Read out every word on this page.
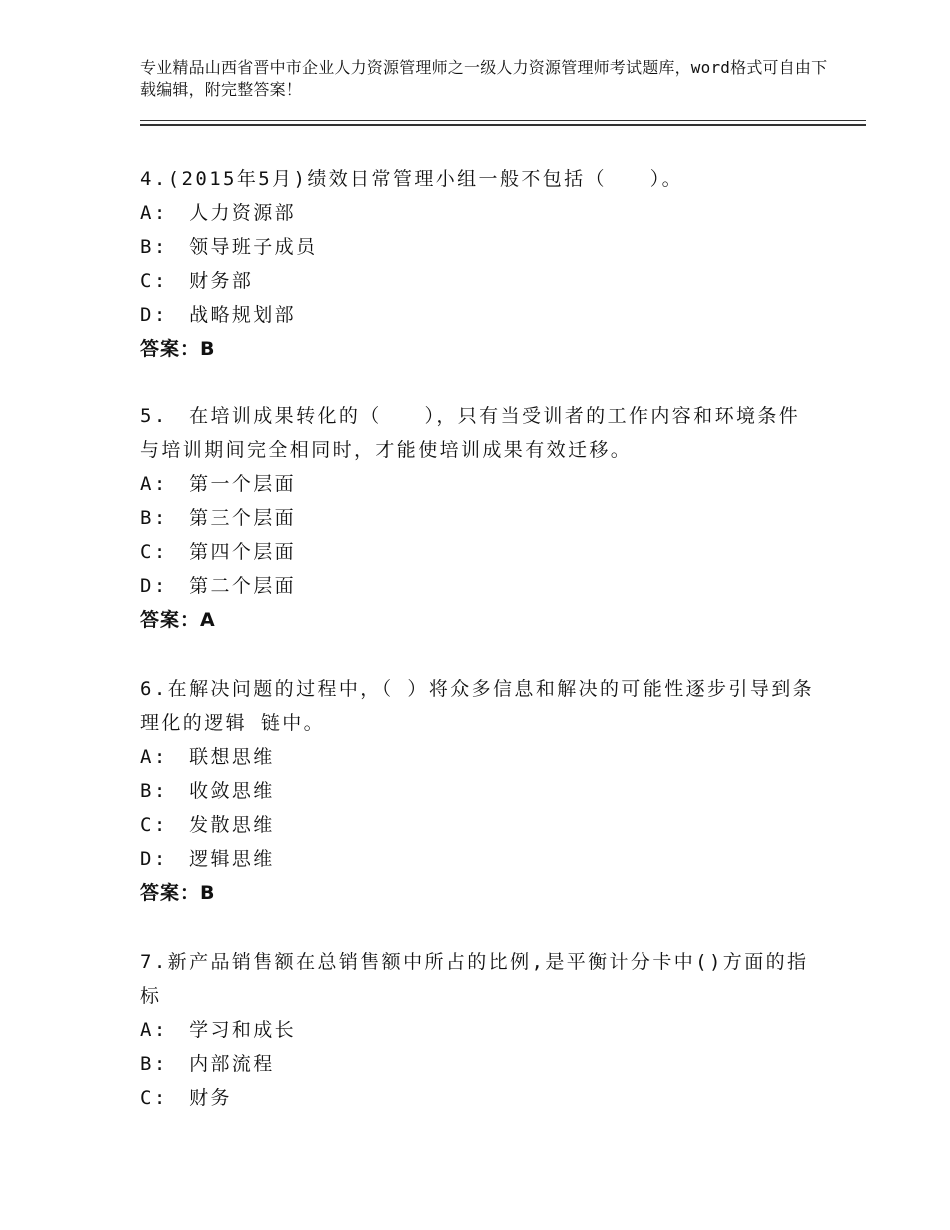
专业精品山西省晋中市企业人力资源管理师之一级人力资源管理师考试题库，word格式可自由下载编辑，附完整答案！
4.(2015年5月)绩效日常管理小组一般不包括（　　）。
A:　人力资源部
B:　领导班子成员
C:　财务部
D:　战略规划部
答案：B
5.　在培训成果转化的（　　），只有当受训者的工作内容和环境条件与培训期间完全相同时，才能使培训成果有效迁移。
A:　第一个层面
B:　第三个层面
C:　第四个层面
D:　第二个层面
答案：A
6.在解决问题的过程中，（ ）将众多信息和解决的可能性逐步引导到条理化的逻辑 链中。
A:　联想思维
B:　收敛思维
C:　发散思维
D:　逻辑思维
答案：B
7.新产品销售额在总销售额中所占的比例,是平衡计分卡中()方面的指标
A:　学习和成长
B:　内部流程
C:　财务
